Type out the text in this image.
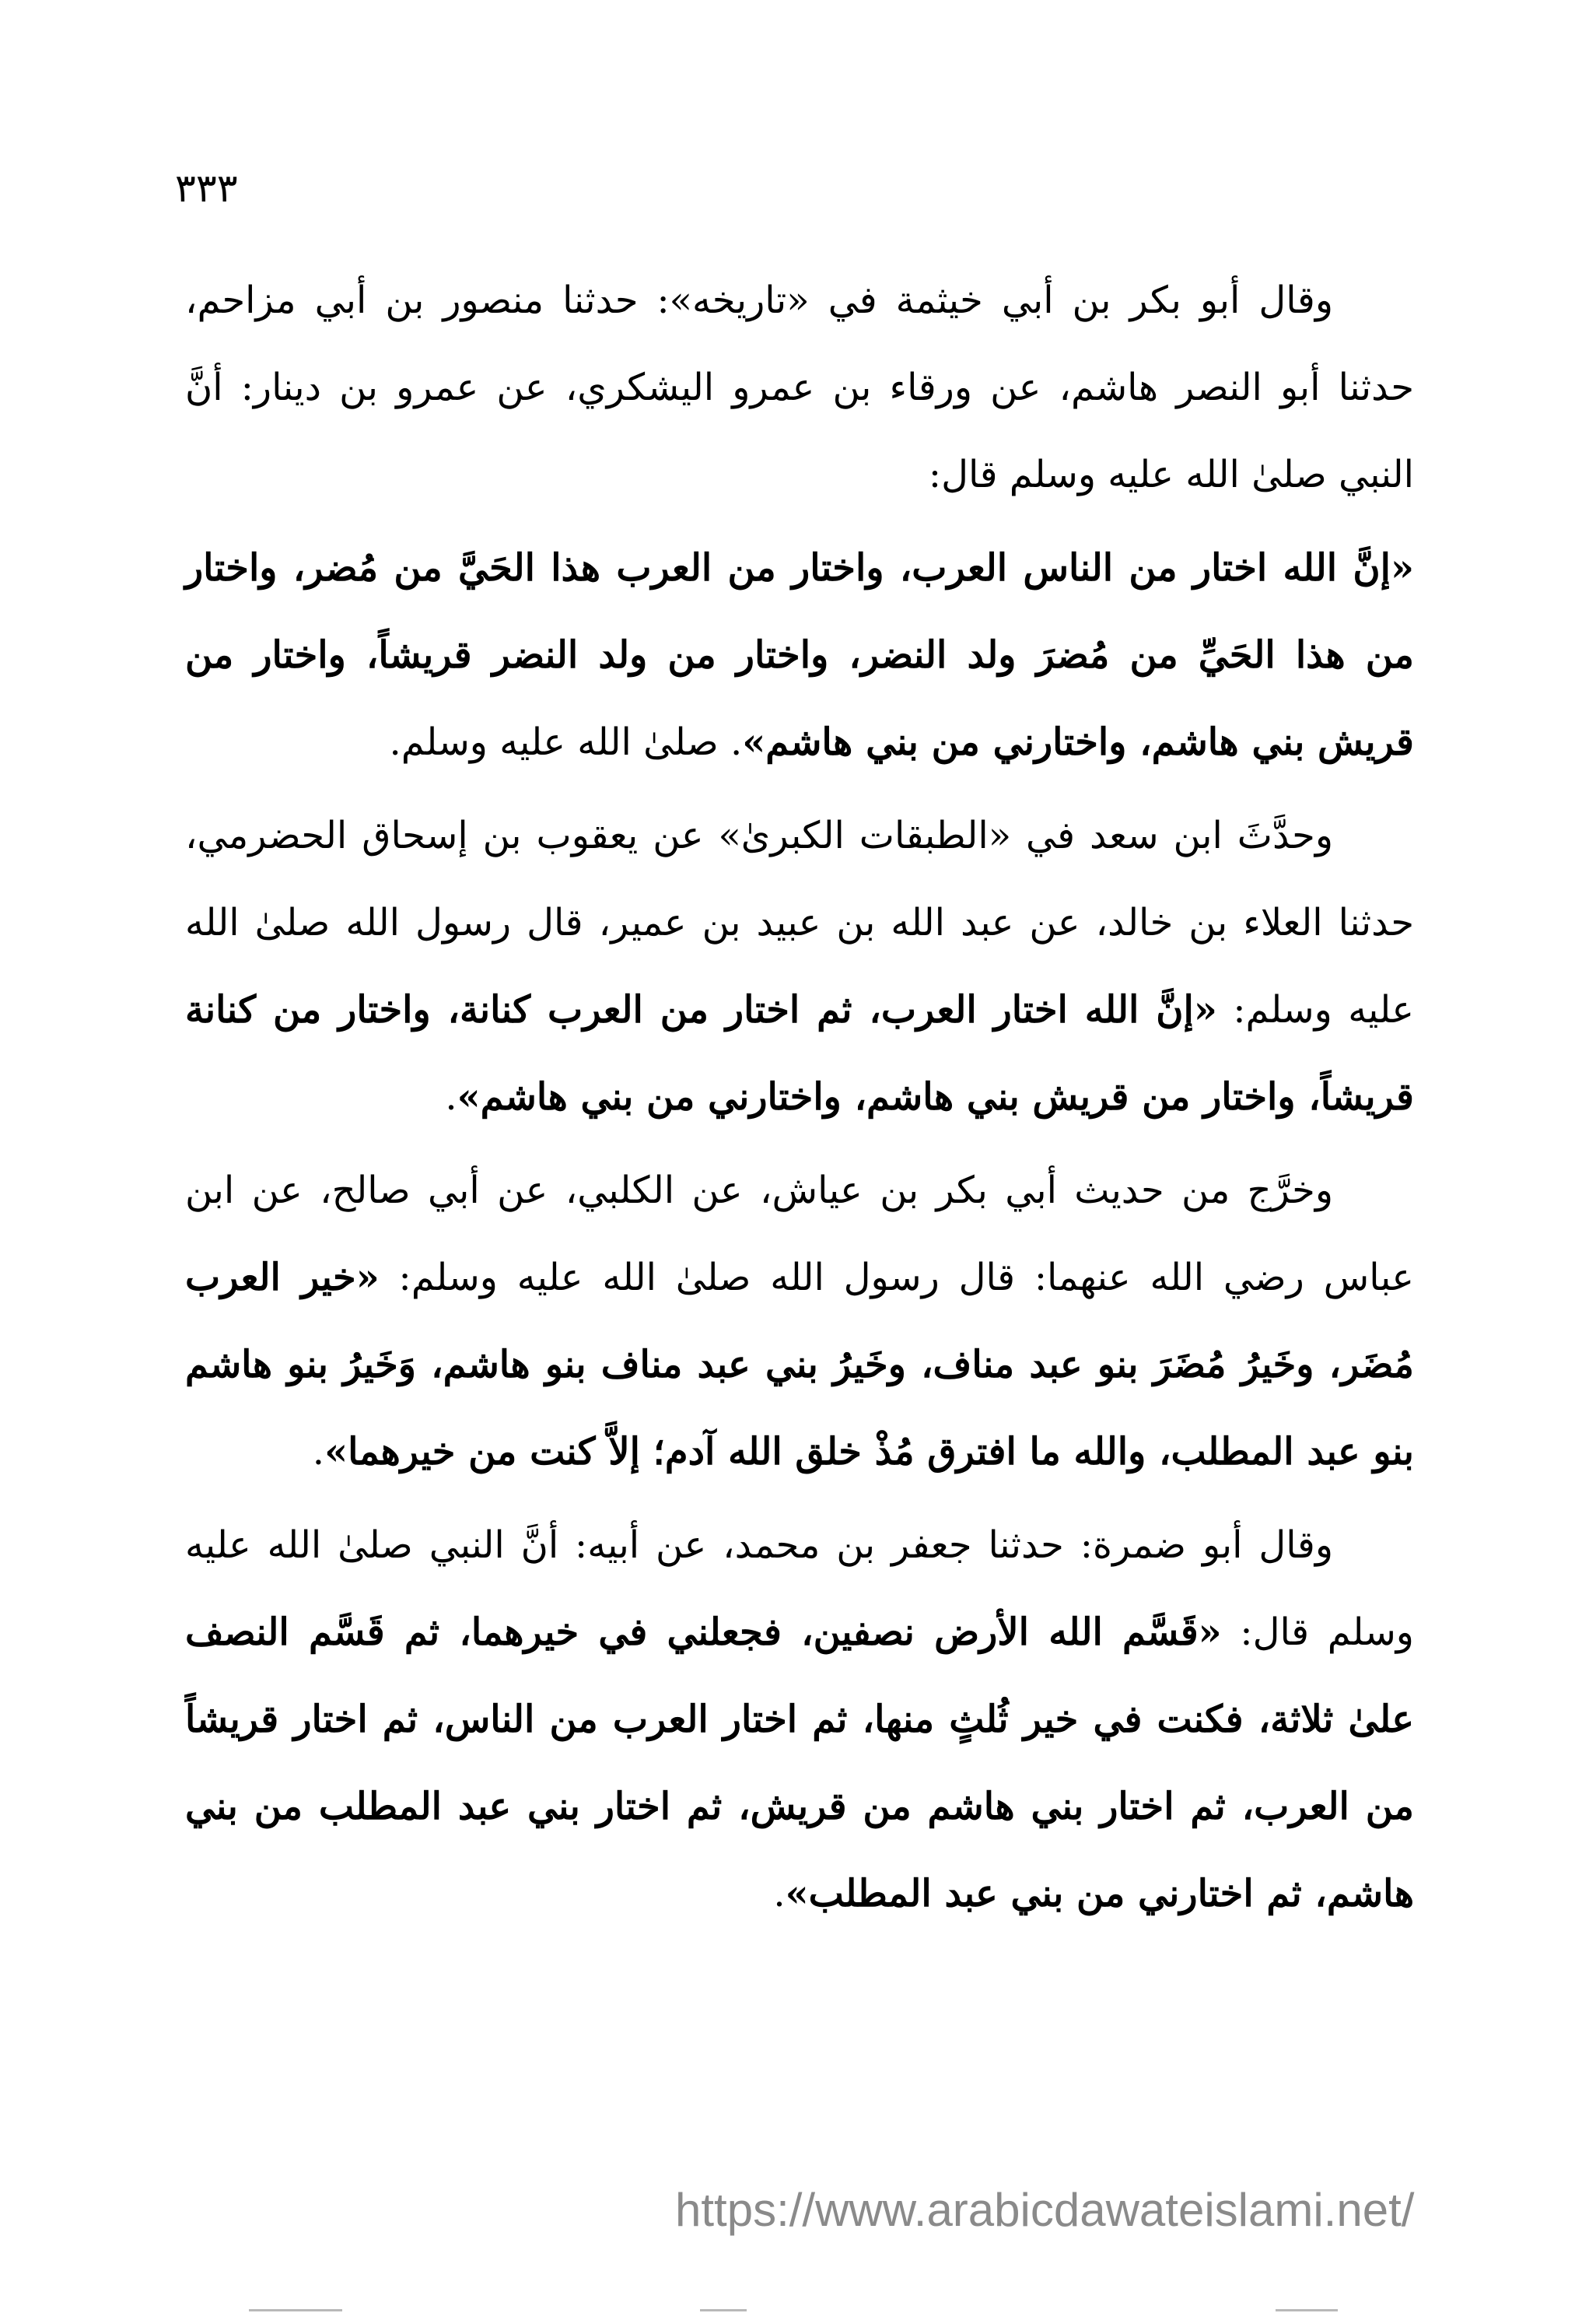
٣٣٣

وقال أبو بكر بن أبي خيثمة في «تاريخه»: حدثنا منصور بن أبي مزاحم، حدثنا أبو النصر هاشم، عن ورقاء بن عمرو اليشكري، عن عمرو بن دينار: أنَّ النبي صلىٰ الله عليه وسلم قال:

«إنَّ الله اختار من الناس العرب، واختار من العرب هذا الحَيَّ من مُضر، واختار من هذا الحَيِّ من مُضرَ ولد النضر، واختار من ولد النضر قريشاً، واختار من قريش بني هاشم، واختارني من بني هاشم». صلىٰ الله عليه وسلم.

وحدَّثَ ابن سعد في «الطبقات الكبرىٰ» عن يعقوب بن إسحاق الحضرمي، حدثنا العلاء بن خالد، عن عبد الله بن عبيد بن عمير، قال رسول الله صلىٰ الله عليه وسلم: «إنَّ الله اختار العرب، ثم اختار من العرب كنانة، واختار من كنانة قريشاً، واختار من قريش بني هاشم، واختارني من بني هاشم».

وخرَّج من حديث أبي بكر بن عياش، عن الكلبي، عن أبي صالح، عن ابن عباس رضي الله عنهما: قال رسول الله صلىٰ الله عليه وسلم: «خير العرب مُضَر، وخَيرُ مُضَرَ بنو عبد مناف، وخَيرُ بني عبد مناف بنو هاشم، وَخَيرُ بنو هاشم بنو عبد المطلب، والله ما افترق مُذْ خلق الله آدم؛ إلاَّ كنت من خيرهما».

وقال أبو ضمرة: حدثنا جعفر بن محمد، عن أبيه: أنَّ النبي صلىٰ الله عليه وسلم قال: «قَسَّم الله الأرض نصفين، فجعلني في خيرهما، ثم قَسَّم النصف علىٰ ثلاثة، فكنت في خير ثُلثٍ منها، ثم اختار العرب من الناس، ثم اختار قريشاً من العرب، ثم اختار بني هاشم من قريش، ثم اختار بني عبد المطلب من بني هاشم، ثم اختارني من بني عبد المطلب».

https://www.arabicdawateislami.net/
